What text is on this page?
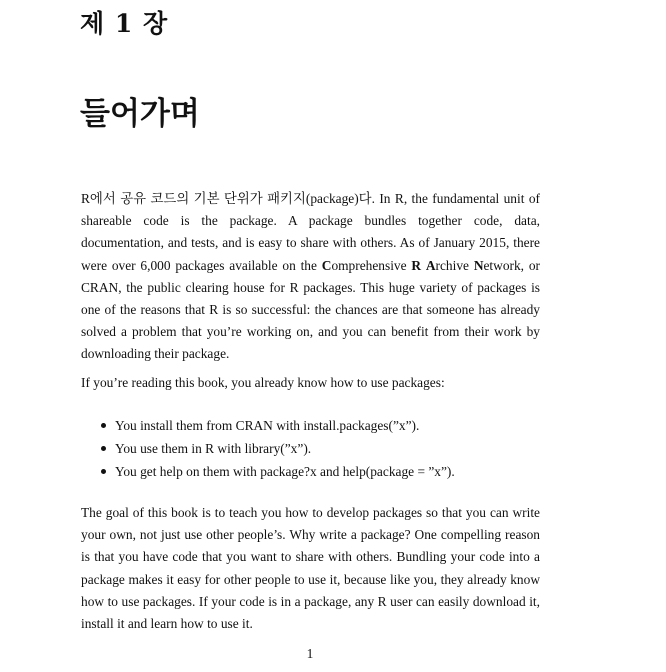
제 1 장
들어가며

R에서 공유 코드의 기본 단위가 패키지(package)다. In R, the fundamental unit of shareable code is the package. A package bundles together code, data, documentation, and tests, and is easy to share with others. As of January 2015, there were over 6,000 packages available on the Comprehensive R Archive Network, or CRAN, the public clearing house for R packages. This huge variety of packages is one of the reasons that R is so successful: the chances are that someone has already solved a problem that you’re working on, and you can benefit from their work by downloading their package.

If you’re reading this book, you already know how to use packages:

You install them from CRAN with install.packages(”x”).
You use them in R with library(”x”).
You get help on them with package?x and help(package = ”x”).

The goal of this book is to teach you how to develop packages so that you can write your own, not just use other people’s. Why write a package? One compelling reason is that you have code that you want to share with others. Bundling your code into a package makes it easy for other people to use it, because like you, they already know how to use packages. If your code is in a package, any R user can easily download it, install it and learn how to use it.

1
